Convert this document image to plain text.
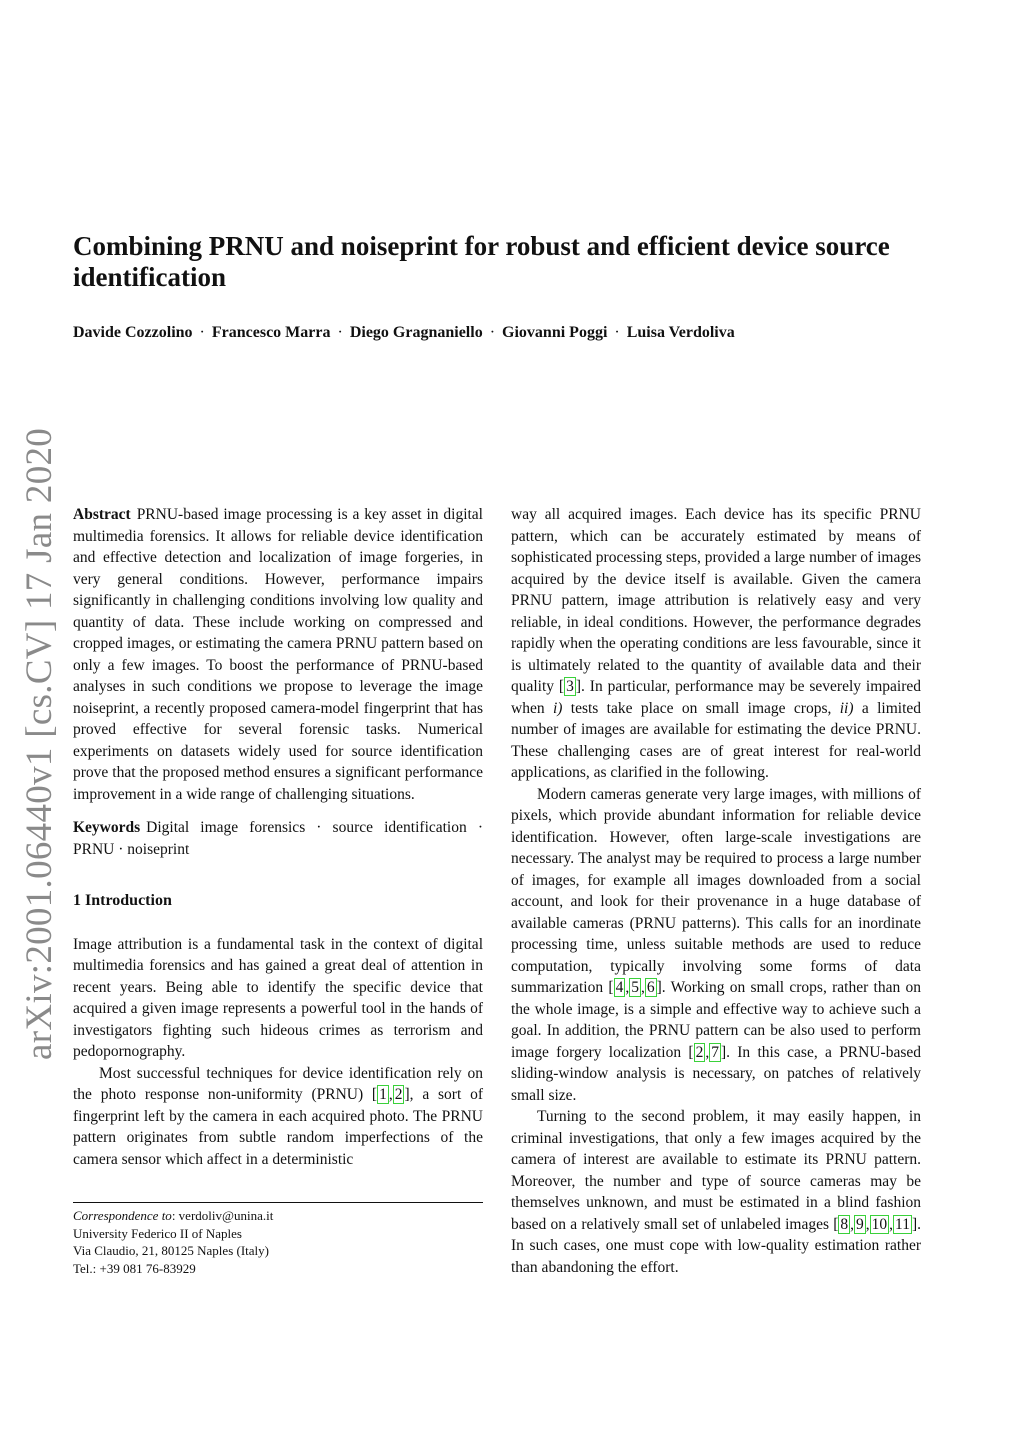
arXiv:2001.06440v1 [cs.CV] 17 Jan 2020
Combining PRNU and noiseprint for robust and efficient device source identification
Davide Cozzolino · Francesco Marra · Diego Gragnaniello · Giovanni Poggi · Luisa Verdoliva

Abstract PRNU-based image processing is a key asset in digital multimedia forensics. It allows for reliable device identification and effective detection and localization of image forgeries, in very general conditions. However, performance impairs significantly in challenging conditions involving low quality and quantity of data. These include working on compressed and cropped images, or estimating the camera PRNU pattern based on only a few images. To boost the performance of PRNU-based analyses in such conditions we propose to leverage the image noiseprint, a recently proposed camera-model fingerprint that has proved effective for several forensic tasks. Numerical experiments on datasets widely used for source identification prove that the proposed method ensures a significant performance improvement in a wide range of challenging situations.

Keywords Digital image forensics · source identification · PRNU · noiseprint

1 Introduction

Image attribution is a fundamental task in the context of digital multimedia forensics and has gained a great deal of attention in recent years. Being able to identify the specific device that acquired a given image represents a powerful tool in the hands of investigators fighting such hideous crimes as terrorism and pedopornography.

Most successful techniques for device identification rely on the photo response non-uniformity (PRNU) [ 1 , 2 ], a sort of fingerprint left by the camera in each acquired photo. The PRNU pattern originates from subtle random imperfections of the camera sensor which affect in a deterministic

Correspondence to: verdoliv@unina.it
University Federico II of Naples
Via Claudio, 21, 80125 Naples (Italy)
Tel.: +39 081 76-83929

way all acquired images. Each device has its specific PRNU pattern, which can be accurately estimated by means of sophisticated processing steps, provided a large number of images acquired by the device itself is available. Given the camera PRNU pattern, image attribution is relatively easy and very reliable, in ideal conditions. However, the performance degrades rapidly when the operating conditions are less favourable, since it is ultimately related to the quantity of available data and their quality [ 3 ]. In particular, performance may be severely impaired when i) tests take place on small image crops, ii) a limited number of images are available for estimating the device PRNU. These challenging cases are of great interest for real-world applications, as clarified in the following.

Modern cameras generate very large images, with millions of pixels, which provide abundant information for reliable device identification. However, often large-scale investigations are necessary. The analyst may be required to process a large number of images, for example all images downloaded from a social account, and look for their provenance in a huge database of available cameras (PRNU patterns). This calls for an inordinate processing time, unless suitable methods are used to reduce computation, typically involving some forms of data summarization [ 4 , 5 , 6 ]. Working on small crops, rather than on the whole image, is a simple and effective way to achieve such a goal. In addition, the PRNU pattern can be also used to perform image forgery localization [ 2 , 7 ]. In this case, a PRNU-based sliding-window analysis is necessary, on patches of relatively small size.

Turning to the second problem, it may easily happen, in criminal investigations, that only a few images acquired by the camera of interest are available to estimate its PRNU pattern. Moreover, the number and type of source cameras may be themselves unknown, and must be estimated in a blind fashion based on a relatively small set of unlabeled images [ 8 , 9 , 10 , 11 ]. In such cases, one must cope with low-quality estimation rather than abandoning the effort.
